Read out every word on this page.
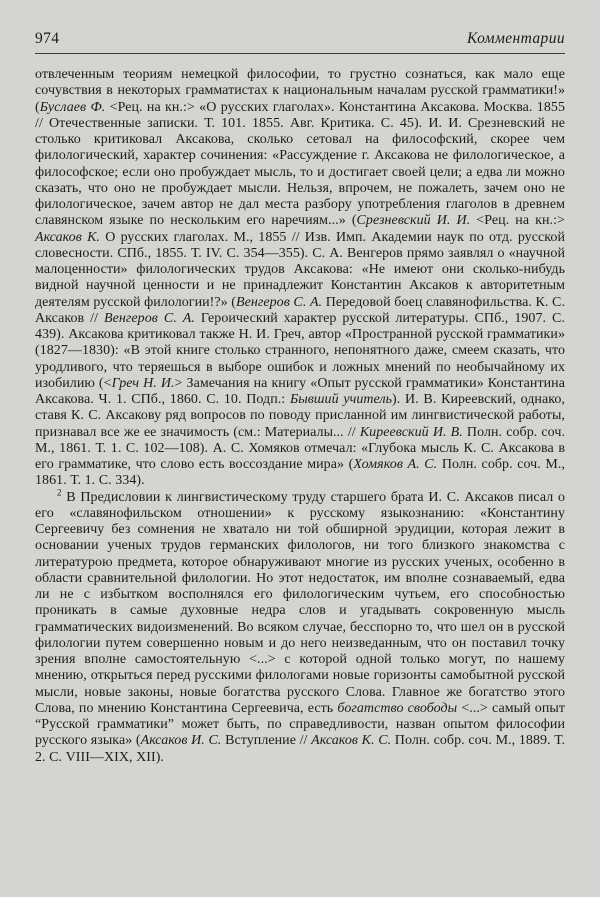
974	Комментарии

отвлеченным теориям немецкой философии, то грустно сознаться, как мало еще сочувствия в некоторых грамматистах к национальным началам русской грамматики!» (Буслаев Ф. <Рец. на кн.:> «О русских глаголах». Константина Аксакова. Москва. 1855 // Отечественные записки. Т. 101. 1855. Авг. Критика. С. 45). И. И. Срезневский не столько критиковал Аксакова, сколько сетовал на философский, скорее чем филологический, характер сочинения: «Рассуждение г. Аксакова не филологическое, а философское; если оно пробуждает мысль, то и достигает своей цели; а едва ли можно сказать, что оно не пробуждает мысли. Нельзя, впрочем, не пожалеть, зачем оно не филологическое, зачем автор не дал места разбору употребления глаголов в древнем славянском языке по нескольким его наречиям...» (Срезневский И. И. <Рец. на кн.:> Аксаков К. О русских глаголах. М., 1855 // Изв. Имп. Академии наук по отд. русской словесности. СПб., 1855. Т. IV. С. 354—355). С. А. Венгеров прямо заявлял о «научной малоценности» филологических трудов Аксакова: «Не имеют они сколько-нибудь видной научной ценности и не принадлежит Константин Аксаков к авторитетным деятелям русской филологии!?» (Венгеров С. А. Передовой боец славянофильства. К. С. Аксаков // Венгеров С. А. Героический характер русской литературы. СПб., 1907. С. 439). Аксакова критиковал также Н. И. Греч, автор «Пространной русской грамматики» (1827—1830): «В этой книге столько странного, непонятного даже, смеем сказать, что уродливого, что теряешься в выборе ошибок и ложных мнений по необычайному их изобилию (<Греч Н. И.> Замечания на книгу «Опыт русской грамматики» Константина Аксакова. Ч. 1. СПб., 1860. С. 10. Подп.: Бывший учитель). И. В. Киреевский, однако, ставя К. С. Аксакову ряд вопросов по поводу присланной им лингвистической работы, признавал все же ее значимость (см.: Материалы... // Киреевский И. В. Полн. собр. соч. М., 1861. Т. 1. С. 102—108). А. С. Хомяков отмечал: «Глубока мысль К. С. Аксакова в его грамматике, что слово есть воссоздание мира» (Хомяков А. С. Полн. собр. соч. М., 1861. Т. 1. С. 334).

$^2$ В Предисловии к лингвистическому труду старшего брата И. С. Аксаков писал о его «славянофильском отношении» к русскому языкознанию: «Константину Сергеевичу без сомнения не хватало ни той обширной эрудиции, которая лежит в основании ученых трудов германских филологов, ни того близкого знакомства с литературою предмета, которое обнаруживают многие из русских ученых, особенно в области сравнительной филологии. Но этот недостаток, им вполне сознаваемый, едва ли не с избытком восполнялся его филологическим чутьем, его способностью проникать в самые духовные недра слов и угадывать сокровенную мысль грамматических видоизменений. Во всяком случае, бесспорно то, что шел он в русской филологии путем совершенно новым и до него неизведанным, что он поставил точку зрения вполне самостоятельную <...> с которой одной только могут, по нашему мнению, открыться перед русскими филологами новые горизонты самобытной русской мысли, новые законы, новые богатства русского Слова. Главное же богатство этого Слова, по мнению Константина Сергеевича, есть богатство свободы <...> самый опыт “Русской грамматики” может быть, по справедливости, назван опытом философии русского языка» (Аксаков И. С. Вступление // Аксаков К. С. Полн. собр. соч. М., 1889. Т. 2. С. VIII—XIX, XII).
